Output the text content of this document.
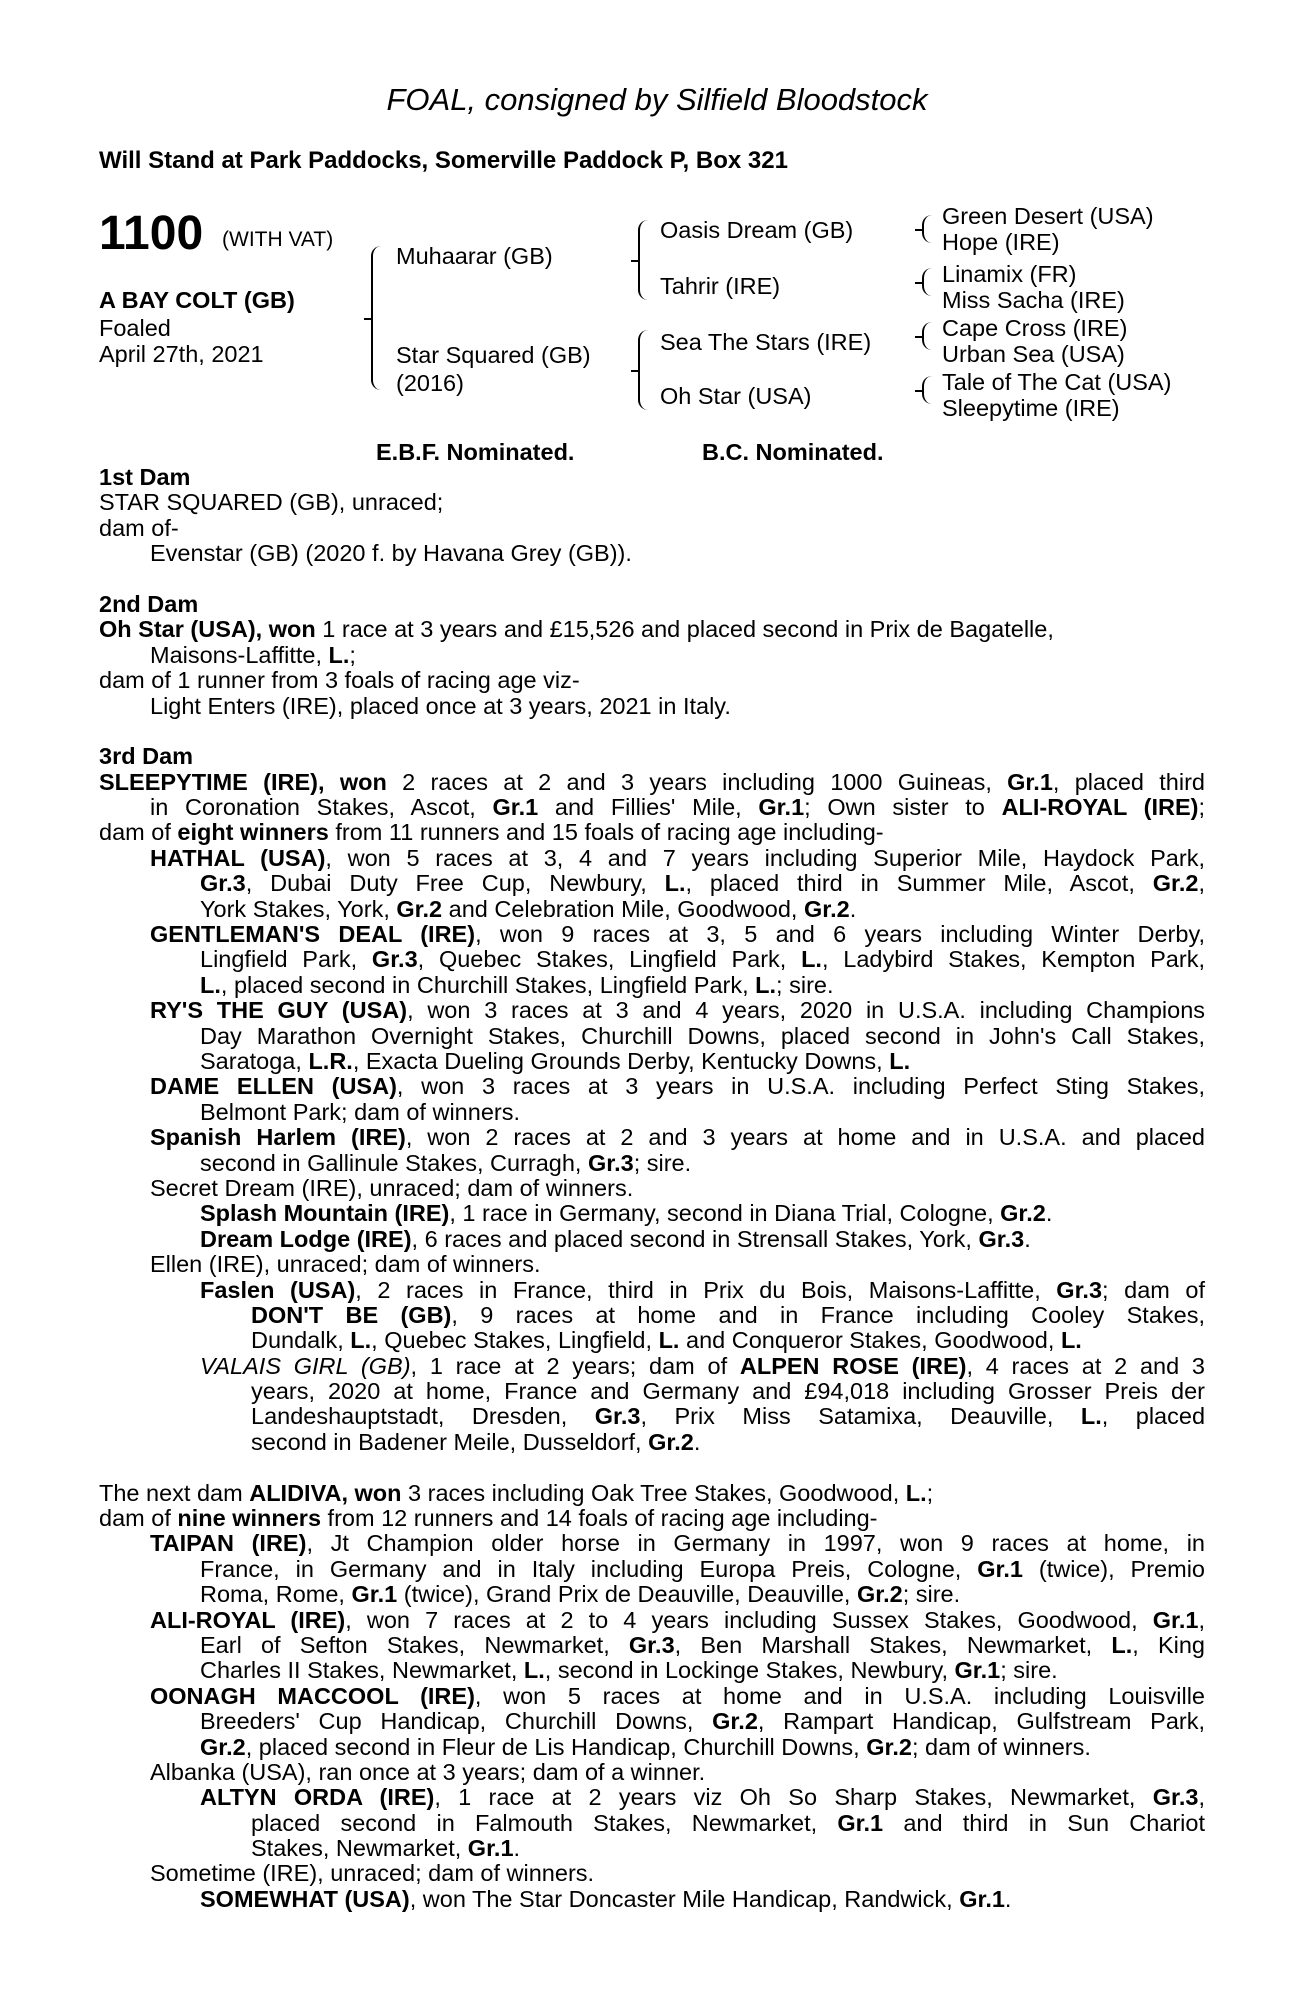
FOAL, consigned by Silfield Bloodstock
Will Stand at Park Paddocks, Somerville Paddock P, Box 321
1100 (WITH VAT)
A BAY COLT (GB)
Foaled
April 27th, 2021
Muhaarar (GB)
Star Squared (GB)
(2016)
Oasis Dream (GB)
Tahrir (IRE)
Sea The Stars (IRE)
Oh Star (USA)
Green Desert (USA)
Hope (IRE)
Linamix (FR)
Miss Sacha (IRE)
Cape Cross (IRE)
Urban Sea (USA)
Tale of The Cat (USA)
Sleepytime (IRE)
E.B.F. Nominated.	B.C. Nominated.
1st Dam
STAR SQUARED (GB), unraced;
dam of-
Evenstar (GB) (2020 f. by Havana Grey (GB)).
2nd Dam
Oh Star (USA), won 1 race at 3 years and £15,526 and placed second in Prix de Bagatelle,
Maisons-Laffitte, L.;
dam of 1 runner from 3 foals of racing age viz-
Light Enters (IRE), placed once at 3 years, 2021 in Italy.
3rd Dam
SLEEPYTIME (IRE), won 2 races at 2 and 3 years including 1000 Guineas, Gr.1, placed third
in Coronation Stakes, Ascot, Gr.1 and Fillies' Mile, Gr.1; Own sister to ALI-ROYAL (IRE);
dam of eight winners from 11 runners and 15 foals of racing age including-
HATHAL (USA), won 5 races at 3, 4 and 7 years including Superior Mile, Haydock Park,
Gr.3, Dubai Duty Free Cup, Newbury, L., placed third in Summer Mile, Ascot, Gr.2,
York Stakes, York, Gr.2 and Celebration Mile, Goodwood, Gr.2.
GENTLEMAN'S DEAL (IRE), won 9 races at 3, 5 and 6 years including Winter Derby,
Lingfield Park, Gr.3, Quebec Stakes, Lingfield Park, L., Ladybird Stakes, Kempton Park,
L., placed second in Churchill Stakes, Lingfield Park, L.; sire.
RY'S THE GUY (USA), won 3 races at 3 and 4 years, 2020 in U.S.A. including Champions
Day Marathon Overnight Stakes, Churchill Downs, placed second in John's Call Stakes,
Saratoga, L.R., Exacta Dueling Grounds Derby, Kentucky Downs, L.
DAME ELLEN (USA), won 3 races at 3 years in U.S.A. including Perfect Sting Stakes,
Belmont Park; dam of winners.
Spanish Harlem (IRE), won 2 races at 2 and 3 years at home and in U.S.A. and placed
second in Gallinule Stakes, Curragh, Gr.3; sire.
Secret Dream (IRE), unraced; dam of winners.
Splash Mountain (IRE), 1 race in Germany, second in Diana Trial, Cologne, Gr.2.
Dream Lodge (IRE), 6 races and placed second in Strensall Stakes, York, Gr.3.
Ellen (IRE), unraced; dam of winners.
Faslen (USA), 2 races in France, third in Prix du Bois, Maisons-Laffitte, Gr.3; dam of
DON'T BE (GB), 9 races at home and in France including Cooley Stakes,
Dundalk, L., Quebec Stakes, Lingfield, L. and Conqueror Stakes, Goodwood, L.
VALAIS GIRL (GB), 1 race at 2 years; dam of ALPEN ROSE (IRE), 4 races at 2 and 3
years, 2020 at home, France and Germany and £94,018 including Grosser Preis der
Landeshauptstadt, Dresden, Gr.3, Prix Miss Satamixa, Deauville, L., placed
second in Badener Meile, Dusseldorf, Gr.2.
The next dam ALIDIVA, won 3 races including Oak Tree Stakes, Goodwood, L.;
dam of nine winners from 12 runners and 14 foals of racing age including-
TAIPAN (IRE), Jt Champion older horse in Germany in 1997, won 9 races at home, in
France, in Germany and in Italy including Europa Preis, Cologne, Gr.1 (twice), Premio
Roma, Rome, Gr.1 (twice), Grand Prix de Deauville, Deauville, Gr.2; sire.
ALI-ROYAL (IRE), won 7 races at 2 to 4 years including Sussex Stakes, Goodwood, Gr.1,
Earl of Sefton Stakes, Newmarket, Gr.3, Ben Marshall Stakes, Newmarket, L., King
Charles II Stakes, Newmarket, L., second in Lockinge Stakes, Newbury, Gr.1; sire.
OONAGH MACCOOL (IRE), won 5 races at home and in U.S.A. including Louisville
Breeders' Cup Handicap, Churchill Downs, Gr.2, Rampart Handicap, Gulfstream Park,
Gr.2, placed second in Fleur de Lis Handicap, Churchill Downs, Gr.2; dam of winners.
Albanka (USA), ran once at 3 years; dam of a winner.
ALTYN ORDA (IRE), 1 race at 2 years viz Oh So Sharp Stakes, Newmarket, Gr.3,
placed second in Falmouth Stakes, Newmarket, Gr.1 and third in Sun Chariot
Stakes, Newmarket, Gr.1.
Sometime (IRE), unraced; dam of winners.
SOMEWHAT (USA), won The Star Doncaster Mile Handicap, Randwick, Gr.1.
